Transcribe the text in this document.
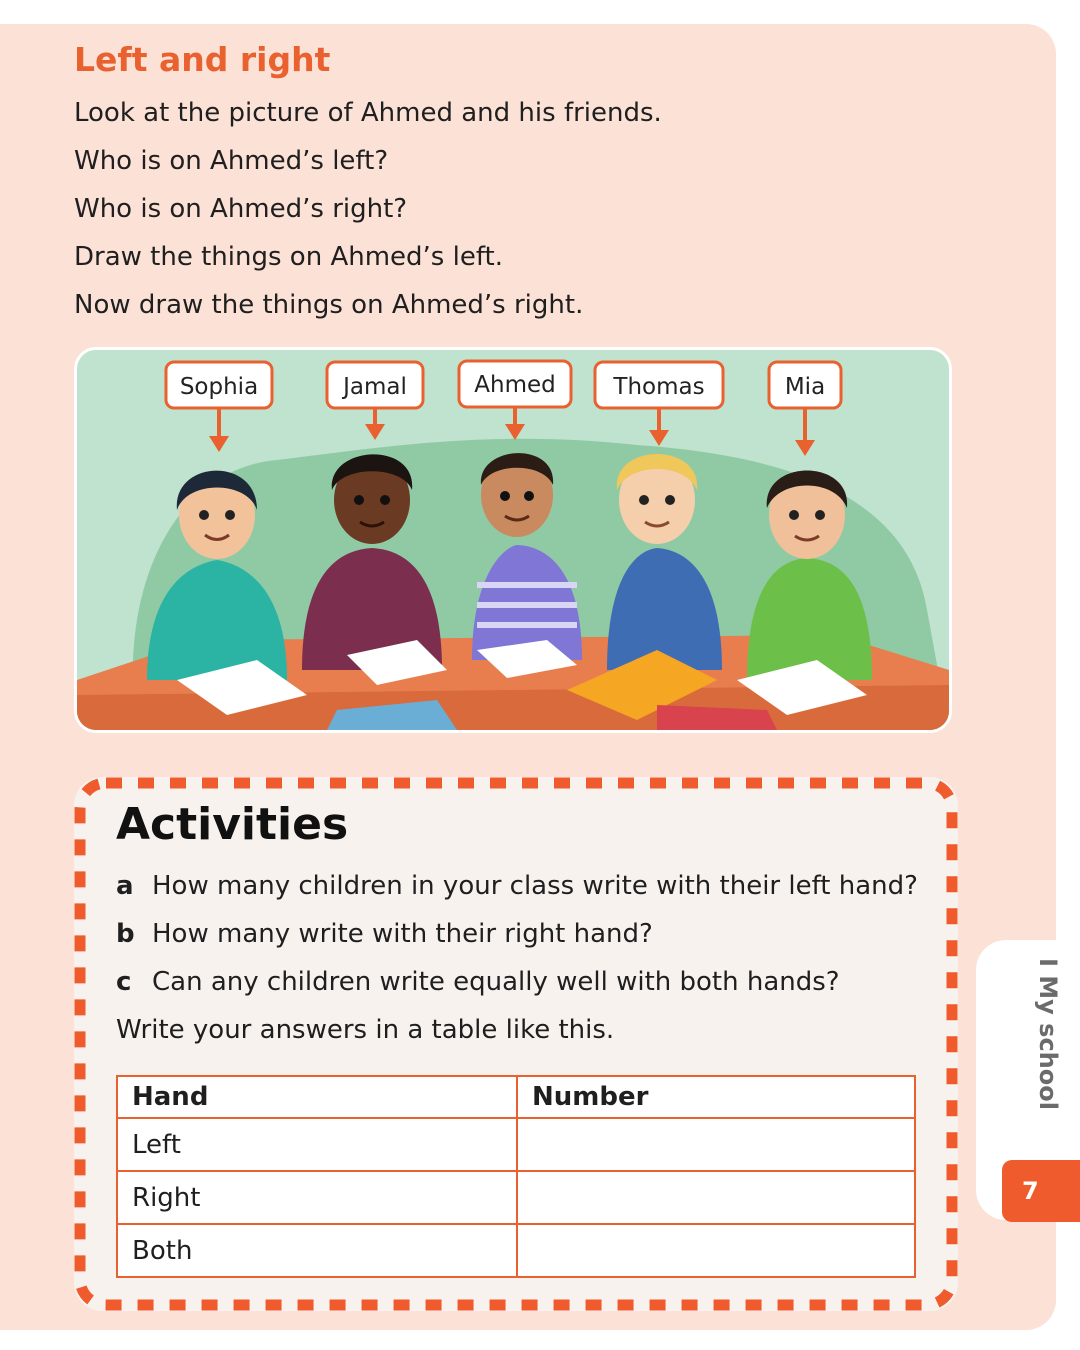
I My school
7
Left and right

Look at the picture of Ahmed and his friends.

Who is on Ahmed’s left?

Who is on Ahmed’s right?

Draw the things on Ahmed’s left.

Now draw the things on Ahmed’s right.

Sophia	Jamal	Ahmed	Thomas	Mia
Activities
a How many children in your class write with their left hand?
b How many write with their right hand?
c Can any children write equally well with both hands?
Write your answers in a table like this.
Hand	Number
Left	
Right	
Both	
